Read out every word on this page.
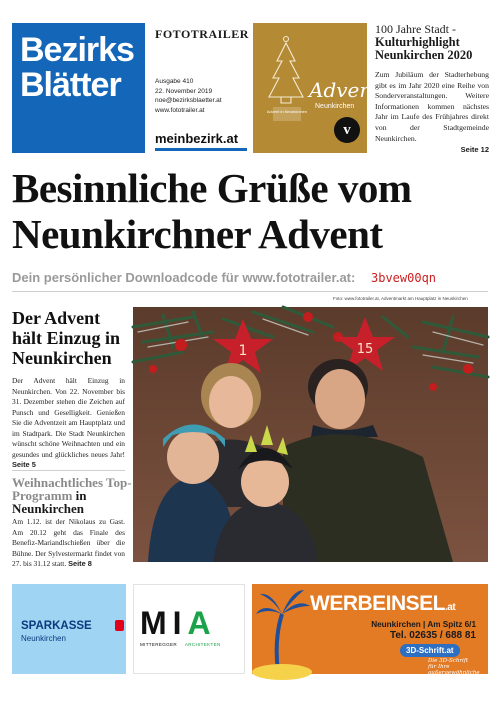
Bezirks
Blätter
FOTOTRAILER
Ausgabe 410
22. November 2019
noe@bezirksblaetter.at
www.fototrailer.at
meinbezirk.at
Advent in Neunkirchen
Advent
Neunkirchen
v
100 Jahre Stadt -
Kulturhighlight
Neunkirchen 2020
Zum Jubiläum der Stadterhebung gibt es im Jahr 2020 eine Reihe von Sonderveranstaltungen. Weitere Informationen kommen nächstes Jahr im Laufe des Frühjahres direkt von der Stadtgemeinde Neunkirchen.
Seite 12
Besinnliche Grüße vom
Neunkirchner Advent
Dein persönlicher Downloadcode für www.fototrailer.at: 3bvew00qn
Foto: www.fototrailer.at, Adventmarkt am Hauptplatz in Neunkirchen
1	15
Der Advent hält Einzug in Neunkirchen
Der Advent hält Einzug in Neunkirchen. Von 22. November bis 31. Dezember stehen die Zeichen auf Punsch und Geselligkeit. Genießen Sie die Adventzeit am Hauptplatz und im Stadtpark. Die Stadt Neunkirchen wünscht schöne Weihnachten und ein gesundes und glückliches neues Jahr! Seite 5
Weihnachtliches Top-Programm in
Neunkirchen
Am 1.12. ist der Nikolaus zu Gast. Am 20.12 geht das Finale des Benefiz-Mariandlschießen über die Bühne. Der Sylvestermarkt findet von 27. bis 31.12 statt. Seite 8
SPARKASSE
Neunkirchen MIA
MITTEREGGER ARCHITEKTEN
WERBEINSEL.at
Neunkirchen | Am Spitz 6/1
Tel. 02635 / 688 81
3D-Schrift.at
Die 3D-Schrift
für Ihre
außergewöhnliche Werbung!
